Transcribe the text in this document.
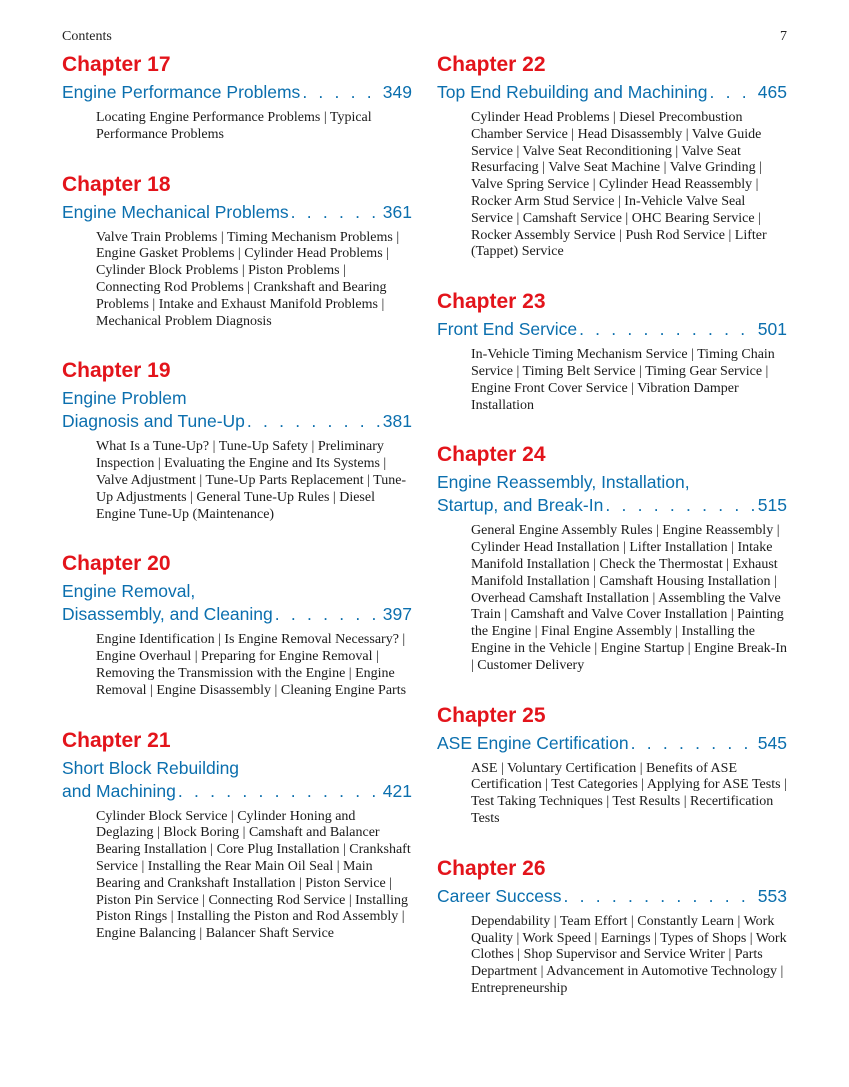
Contents	7
Chapter 17
Engine Performance Problems . . .	349
Locating Engine Performance Problems | Typical Performance Problems
Chapter 18
Engine Mechanical Problems . . .	361
Valve Train Problems | Timing Mechanism Problems | Engine Gasket Problems | Cylinder Head Problems | Cylinder Block Problems | Piston Problems | Connecting Rod Problems | Crankshaft and Bearing Problems | Intake and Exhaust Manifold Problems | Mechanical Problem Diagnosis
Chapter 19
Engine Problem
Diagnosis and Tune-Up . . .	381
What Is a Tune-Up? | Tune-Up Safety | Preliminary Inspection | Evaluating the Engine and Its Systems | Valve Adjustment | Tune-Up Parts Replacement | Tune-Up Adjustments | General Tune-Up Rules | Diesel Engine Tune-Up (Maintenance)
Chapter 20
Engine Removal,
Disassembly, and Cleaning . . .	397
Engine Identification | Is Engine Removal Necessary? | Engine Overhaul | Preparing for Engine Removal | Removing the Transmission with the Engine | Engine Removal | Engine Disassembly | Cleaning Engine Parts
Chapter 21
Short Block Rebuilding
and Machining . . .	421
Cylinder Block Service | Cylinder Honing and Deglazing | Block Boring | Camshaft and Balancer Bearing Installation | Core Plug Installation | Crankshaft Service | Installing the Rear Main Oil Seal | Main Bearing and Crankshaft Installation | Piston Service | Piston Pin Service | Connecting Rod Service | Installing Piston Rings | Installing the Piston and Rod Assembly | Engine Balancing | Balancer Shaft Service
Chapter 22
Top End Rebuilding and Machining . . .	465
Cylinder Head Problems | Diesel Precombustion Chamber Service | Head Disassembly | Valve Guide Service | Valve Seat Reconditioning | Valve Seat Resurfacing | Valve Seat Machine | Valve Grinding | Valve Spring Service | Cylinder Head Reassembly | Rocker Arm Stud Service | In-Vehicle Valve Seal Service | Camshaft Service | OHC Bearing Service | Rocker Assembly Service | Push Rod Service | Lifter (Tappet) Service
Chapter 23
Front End Service . . .	501
In-Vehicle Timing Mechanism Service | Timing Chain Service | Timing Belt Service | Timing Gear Service | Engine Front Cover Service | Vibration Damper Installation
Chapter 24
Engine Reassembly, Installation,
Startup, and Break-In . . .	515
General Engine Assembly Rules | Engine Reassembly | Cylinder Head Installation | Lifter Installation | Intake Manifold Installation | Check the Thermostat | Exhaust Manifold Installation | Camshaft Housing Installation | Overhead Camshaft Installation | Assembling the Valve Train | Camshaft and Valve Cover Installation | Painting the Engine | Final Engine Assembly | Installing the Engine in the Vehicle | Engine Startup | Engine Break-In | Customer Delivery
Chapter 25
ASE Engine Certification . . .	545
ASE | Voluntary Certification | Benefits of ASE Certification | Test Categories | Applying for ASE Tests | Test Taking Techniques | Test Results | Recertification Tests
Chapter 26
Career Success . . .	553
Dependability | Team Effort | Constantly Learn | Work Quality | Work Speed | Earnings | Types of Shops | Work Clothes | Shop Supervisor and Service Writer | Parts Department | Advancement in Automotive Technology | Entrepreneurship
